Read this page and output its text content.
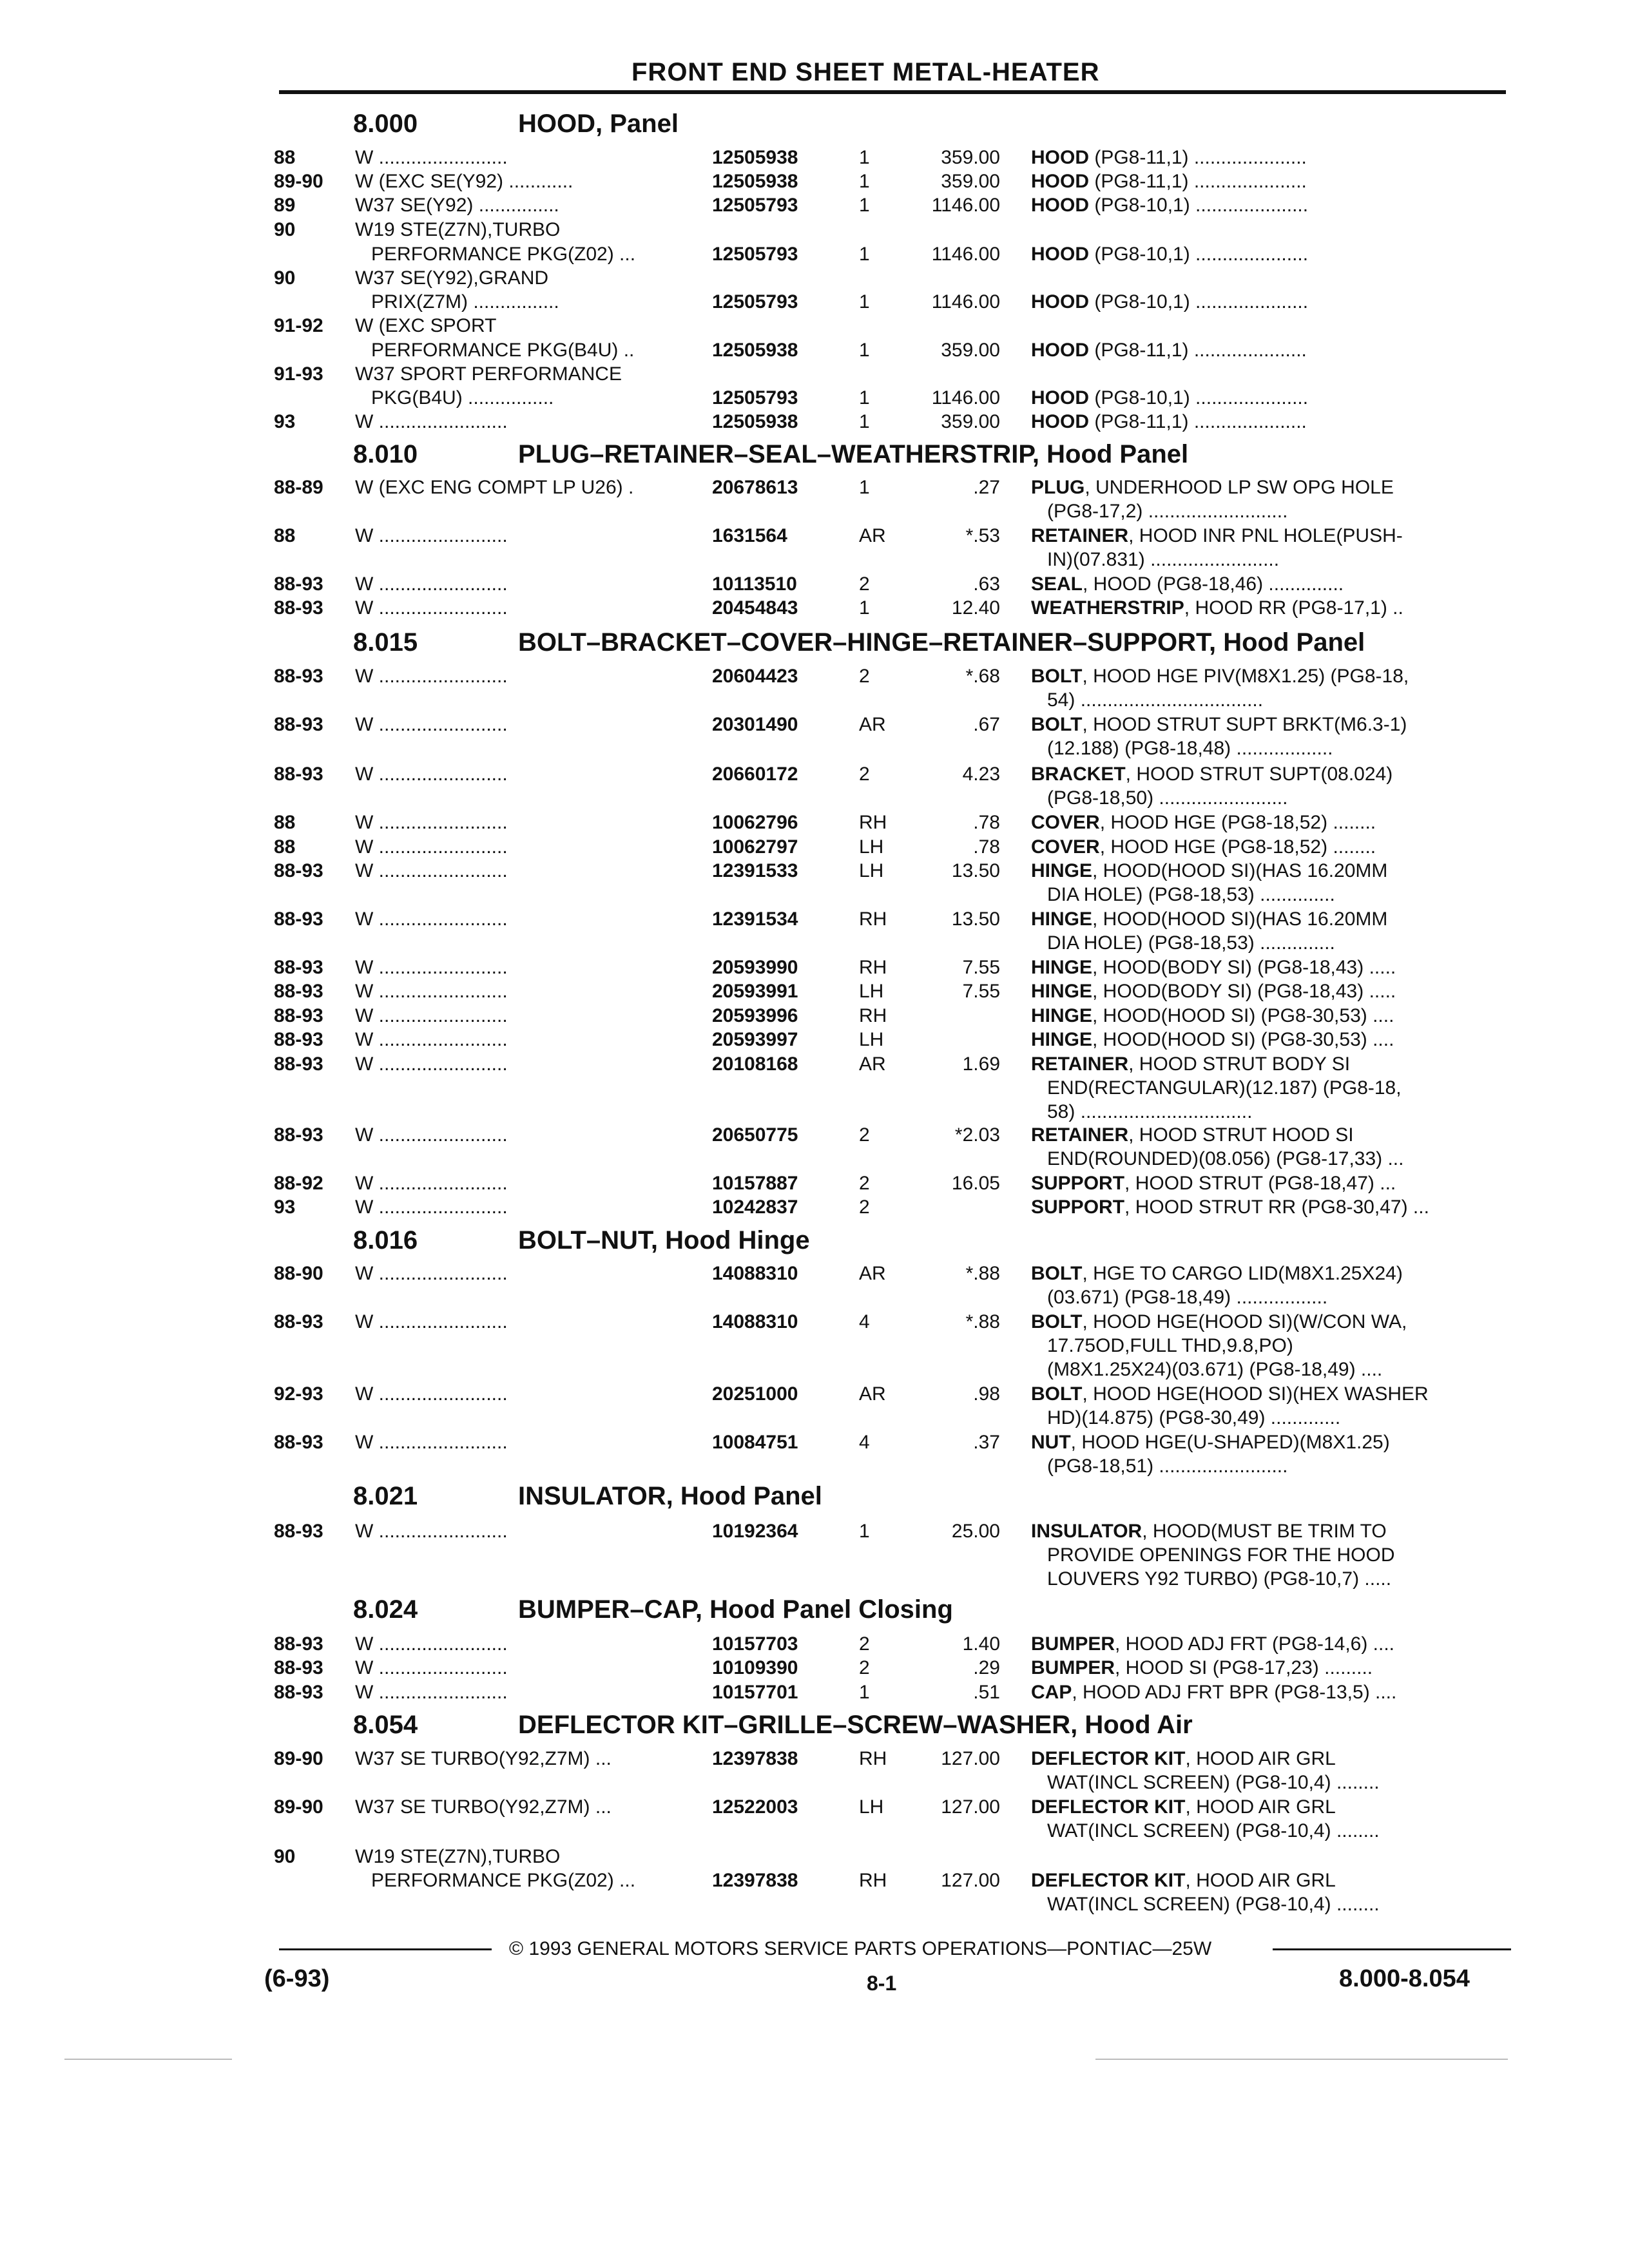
FRONT END SHEET METAL-HEATER
8.000	HOOD, Panel
88	W ........................	12505938	1	359.00 HOOD (PG8-11,1) .....................
89-90 W (EXC SE(Y92) ............	12505938	1	359.00 HOOD (PG8-11,1) .....................
89	W37 SE(Y92) ...............	12505793	1	1146.00 HOOD (PG8-10,1) .....................
90	W19 STE(Z7N),TURBO
PERFORMANCE PKG(Z02) ...	12505793	1	1146.00 HOOD (PG8-10,1) .....................
90	W37 SE(Y92),GRAND
PRIX(Z7M) ................	12505793	1	1146.00 HOOD (PG8-10,1) .....................
91-92 W (EXC SPORT
PERFORMANCE PKG(B4U) ..	12505938	1	359.00 HOOD (PG8-11,1) .....................
91-93 W37 SPORT PERFORMANCE
PKG(B4U) ................	12505793	1	1146.00 HOOD (PG8-10,1) .....................
93	W ........................	12505938	1	359.00 HOOD (PG8-11,1) .....................
8.010	PLUG–RETAINER–SEAL–WEATHERSTRIP, Hood Panel
88-89 W (EXC ENG COMPT LP U26) .	20678613	1	.27 PLUG, UNDERHOOD LP SW OPG HOLE
(PG8-17,2) ..........................
88	W ........................	1631564	AR	*.53 RETAINER, HOOD INR PNL HOLE(PUSH-
IN)(07.831) ........................
88-93 W ........................	10113510	2	.63 SEAL, HOOD (PG8-18,46) ..............
88-93 W ........................	20454843	1	12.40 WEATHERSTRIP, HOOD RR (PG8-17,1) ..
8.015	BOLT–BRACKET–COVER–HINGE–RETAINER–SUPPORT, Hood Panel
88-93 W ........................	20604423	2	*.68 BOLT, HOOD HGE PIV(M8X1.25) (PG8-18,
54) ..................................
88-93 W ........................	20301490	AR	.67 BOLT, HOOD STRUT SUPT BRKT(M6.3-1)
(12.188) (PG8-18,48) ..................
88-93 W ........................	20660172	2	4.23 BRACKET, HOOD STRUT SUPT(08.024)
(PG8-18,50) ........................
88	W ........................	10062796	RH	.78 COVER, HOOD HGE (PG8-18,52) ........
88	W ........................	10062797	LH	.78 COVER, HOOD HGE (PG8-18,52) ........
88-93 W ........................	12391533	LH	13.50 HINGE, HOOD(HOOD SI)(HAS 16.20MM
DIA HOLE) (PG8-18,53) ..............
88-93 W ........................	12391534	RH	13.50 HINGE, HOOD(HOOD SI)(HAS 16.20MM
DIA HOLE) (PG8-18,53) ..............
88-93 W ........................	20593990	RH	7.55 HINGE, HOOD(BODY SI) (PG8-18,43) .....
88-93 W ........................	20593991	LH	7.55 HINGE, HOOD(BODY SI) (PG8-18,43) .....
88-93 W ........................	20593996	RH	HINGE, HOOD(HOOD SI) (PG8-30,53) ....
88-93 W ........................	20593997	LH	HINGE, HOOD(HOOD SI) (PG8-30,53) ....
88-93 W ........................	20108168	AR	1.69 RETAINER, HOOD STRUT BODY SI
END(RECTANGULAR)(12.187) (PG8-18,
58) ................................
88-93 W ........................	20650775	2	*2.03 RETAINER, HOOD STRUT HOOD SI
END(ROUNDED)(08.056) (PG8-17,33) ...
88-92 W ........................	10157887	2	16.05 SUPPORT, HOOD STRUT (PG8-18,47) ...
93	W ........................	10242837	2	SUPPORT, HOOD STRUT RR (PG8-30,47) ...
8.016	BOLT–NUT, Hood Hinge
88-90 W ........................	14088310	AR	*.88 BOLT, HGE TO CARGO LID(M8X1.25X24)
(03.671) (PG8-18,49) .................
88-93 W ........................	14088310	4	*.88 BOLT, HOOD HGE(HOOD SI)(W/CON WA,
17.75OD,FULL THD,9.8,PO)
(M8X1.25X24)(03.671) (PG8-18,49) ....
92-93 W ........................	20251000	AR	.98 BOLT, HOOD HGE(HOOD SI)(HEX WASHER
HD)(14.875) (PG8-30,49) .............
88-93 W ........................	10084751	4	.37 NUT, HOOD HGE(U-SHAPED)(M8X1.25)
(PG8-18,51) ........................
8.021	INSULATOR, Hood Panel
88-93 W ........................	10192364	1	25.00 INSULATOR, HOOD(MUST BE TRIM TO
PROVIDE OPENINGS FOR THE HOOD
LOUVERS Y92 TURBO) (PG8-10,7) .....
8.024	BUMPER–CAP, Hood Panel Closing
88-93 W ........................	10157703	2	1.40 BUMPER, HOOD ADJ FRT (PG8-14,6) ....
88-93 W ........................	10109390	2	.29 BUMPER, HOOD SI (PG8-17,23) .........
88-93 W ........................	10157701	1	.51 CAP, HOOD ADJ FRT BPR (PG8-13,5) ....
8.054	DEFLECTOR KIT–GRILLE–SCREW–WASHER, Hood Air
89-90 W37 SE TURBO(Y92,Z7M) ...	12397838	RH	127.00 DEFLECTOR KIT, HOOD AIR GRL
WAT(INCL SCREEN) (PG8-10,4) ........
89-90 W37 SE TURBO(Y92,Z7M) ...	12522003	LH	127.00 DEFLECTOR KIT, HOOD AIR GRL
WAT(INCL SCREEN) (PG8-10,4) ........
90	W19 STE(Z7N),TURBO
PERFORMANCE PKG(Z02) ...	12397838	RH	127.00 DEFLECTOR KIT, HOOD AIR GRL
WAT(INCL SCREEN) (PG8-10,4) ........
© 1993 GENERAL MOTORS SERVICE PARTS OPERATIONS—PONTIAC—25W
(6-93)	8-1	8.000-8.054
